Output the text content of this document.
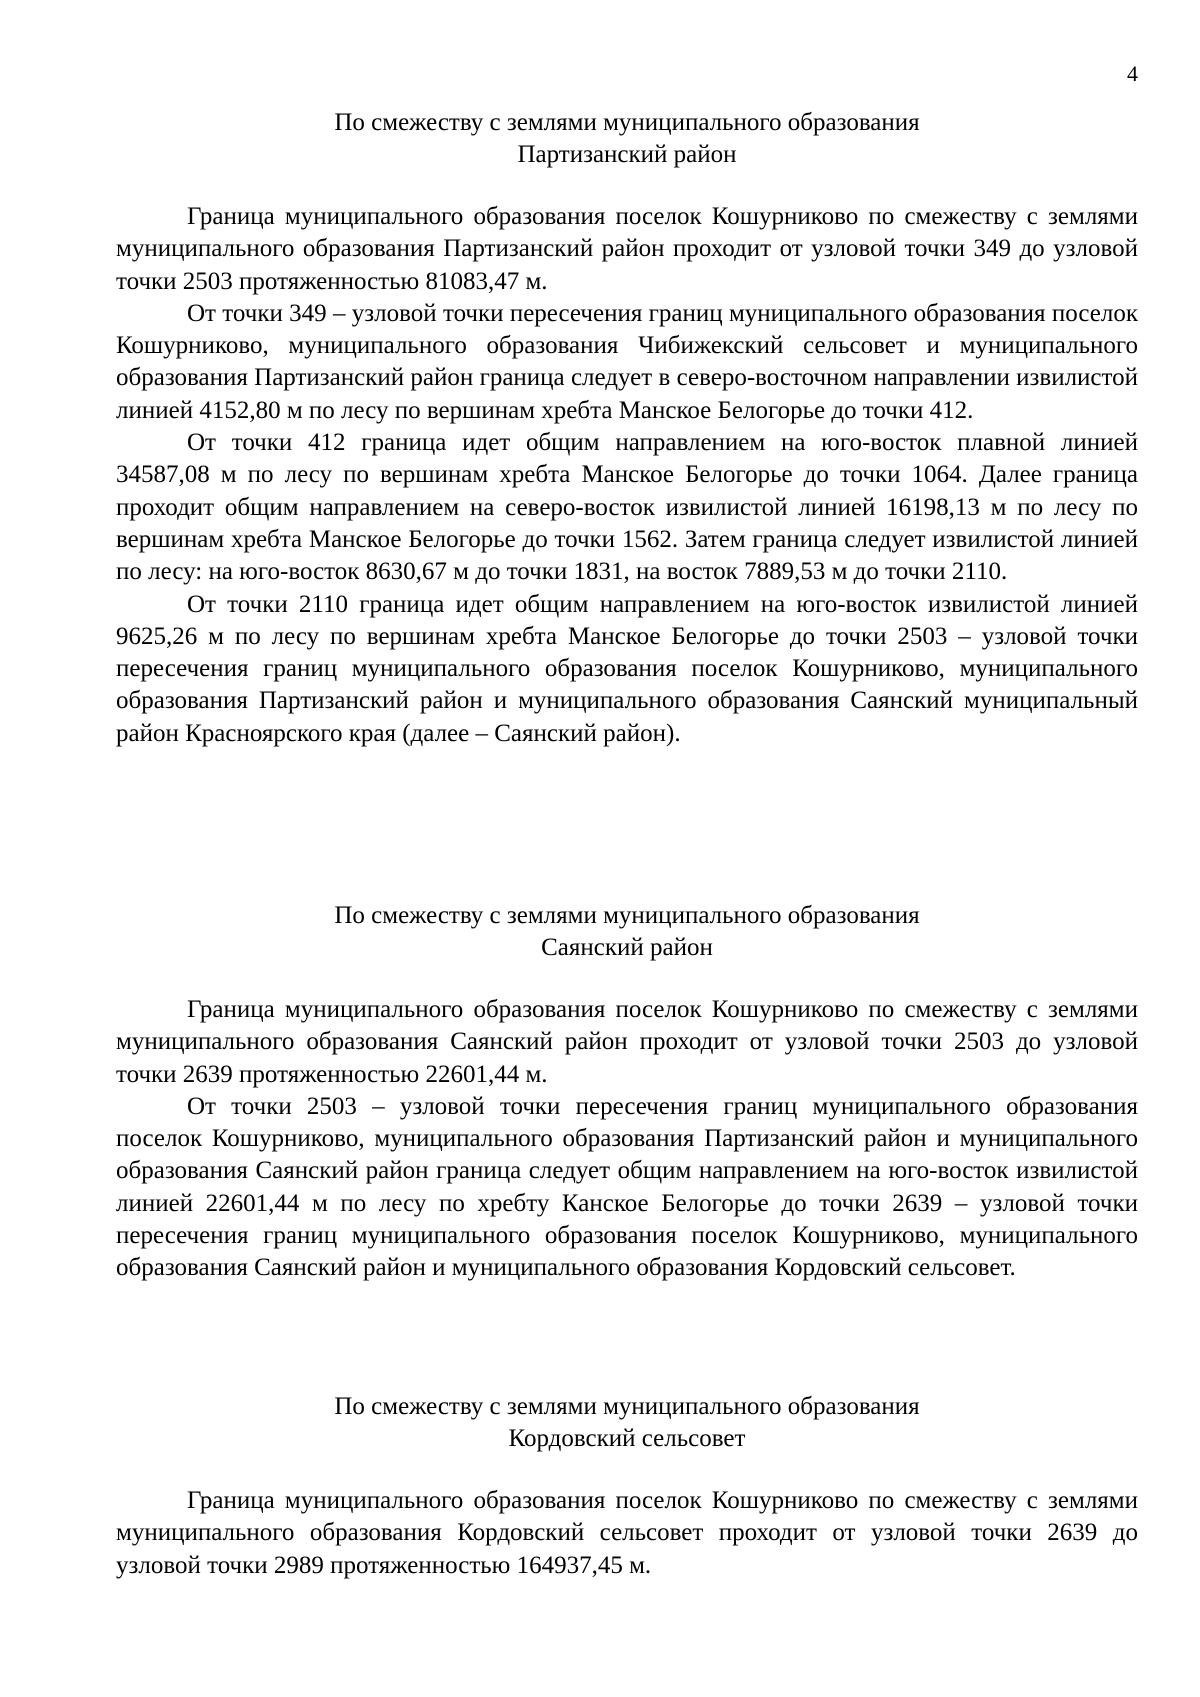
4

По смежеству с землями муниципального образования

Партизанский район

Граница муниципального образования поселок Кошурниково по смежеству с землями муниципального образования Партизанский район проходит от узловой точки 349 до узловой точки 2503 протяженностью 81083,47 м.

От точки 349 – узловой точки пересечения границ муниципального образования поселок Кошурниково, муниципального образования Чибижекский сельсовет и муниципального образования Партизанский район граница следует в северо-восточном направлении извилистой линией 4152,80 м по лесу по вершинам хребта Манское Белогорье до точки 412.

От точки 412 граница идет общим направлением на юго-восток плавной линией 34587,08 м по лесу по вершинам хребта Манское Белогорье до точки 1064. Далее граница проходит общим направлением на северо-восток извилистой линией 16198,13 м по лесу по вершинам хребта Манское Белогорье до точки 1562. Затем граница следует извилистой линией по лесу: на юго-восток 8630,67 м до точки 1831, на восток 7889,53 м до точки 2110.

От точки 2110 граница идет общим направлением на юго-восток извилистой линией 9625,26 м по лесу по вершинам хребта Манское Белогорье до точки 2503 – узловой точки пересечения границ муниципального образования поселок Кошурниково, муниципального образования Партизанский район и муниципального образования Саянский муниципальный район Красноярского края (далее – Саянский район).

По смежеству с землями муниципального образования

Саянский район

Граница муниципального образования поселок Кошурниково по смежеству с землями муниципального образования Саянский район проходит от узловой точки 2503 до узловой точки 2639 протяженностью 22601,44 м.

От точки 2503 – узловой точки пересечения границ муниципального образования поселок Кошурниково, муниципального образования Партизанский район и муниципального образования Саянский район граница следует общим направлением на юго-восток извилистой линией 22601,44 м по лесу по хребту Канское Белогорье до точки 2639 – узловой точки пересечения границ муниципального образования поселок Кошурниково, муниципального образования Саянский район и муниципального образования Кордовский сельсовет.

По смежеству с землями муниципального образования

Кордовский сельсовет

Граница муниципального образования поселок Кошурниково по смежеству с землями муниципального образования Кордовский сельсовет проходит от узловой точки 2639 до узловой точки 2989 протяженностью 164937,45 м.
